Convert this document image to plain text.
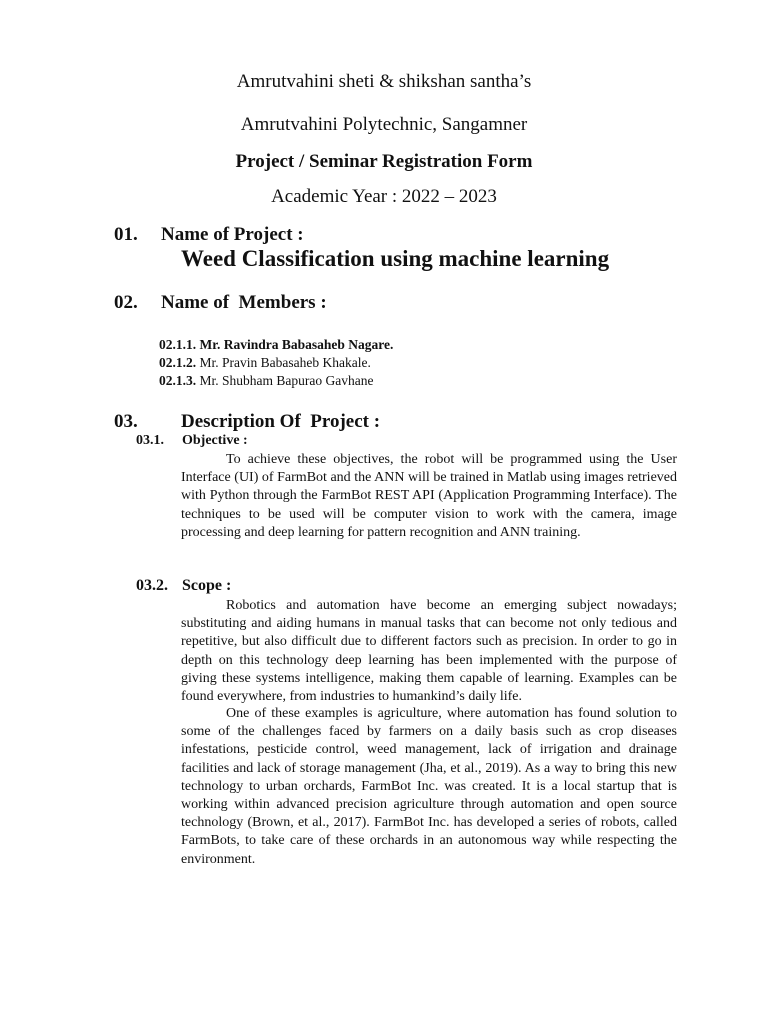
Amrutvahini sheti & shikshan santha’s

Amrutvahini Polytechnic, Sangamner

Project / Seminar Registration Form

Academic Year : 2022 – 2023

01. Name of Project :

Weed Classification using machine learning

02. Name of  Members :

02.1.1. Mr. Ravindra Babasaheb Nagare.

02.1.2. Mr. Pravin Babasaheb Khakale.

02.1.3. Mr. Shubham Bapurao Gavhane

03. Description Of  Project :

03.1. Objective :

To achieve these objectives, the robot will be programmed using the User Interface (UI) of FarmBot and the ANN will be trained in Matlab using images retrieved with Python through the FarmBot REST API (Application Programming Interface). The techniques to be used will be computer vision to work with the camera, image processing and deep learning for pattern recognition and ANN training.

03.2. Scope :

Robotics and automation have become an emerging subject nowadays; substituting and aiding humans in manual tasks that can become not only tedious and repetitive, but also difficult due to different factors such as precision. In order to go in depth on this technology deep learning has been implemented with the purpose of giving these systems intelligence, making them capable of learning. Examples can be found everywhere, from industries to humankind’s daily life.

One of these examples is agriculture, where automation has found solution to some of the challenges faced by farmers on a daily basis such as crop diseases infestations, pesticide control, weed management, lack of irrigation and drainage facilities and lack of storage management (Jha, et al., 2019). As a way to bring this new technology to urban orchards, FarmBot Inc. was created. It is a local startup that is working within advanced precision agriculture through automation and open source technology (Brown, et al., 2017). FarmBot Inc. has developed a series of robots, called FarmBots, to take care of these orchards in an autonomous way while respecting the environment.
